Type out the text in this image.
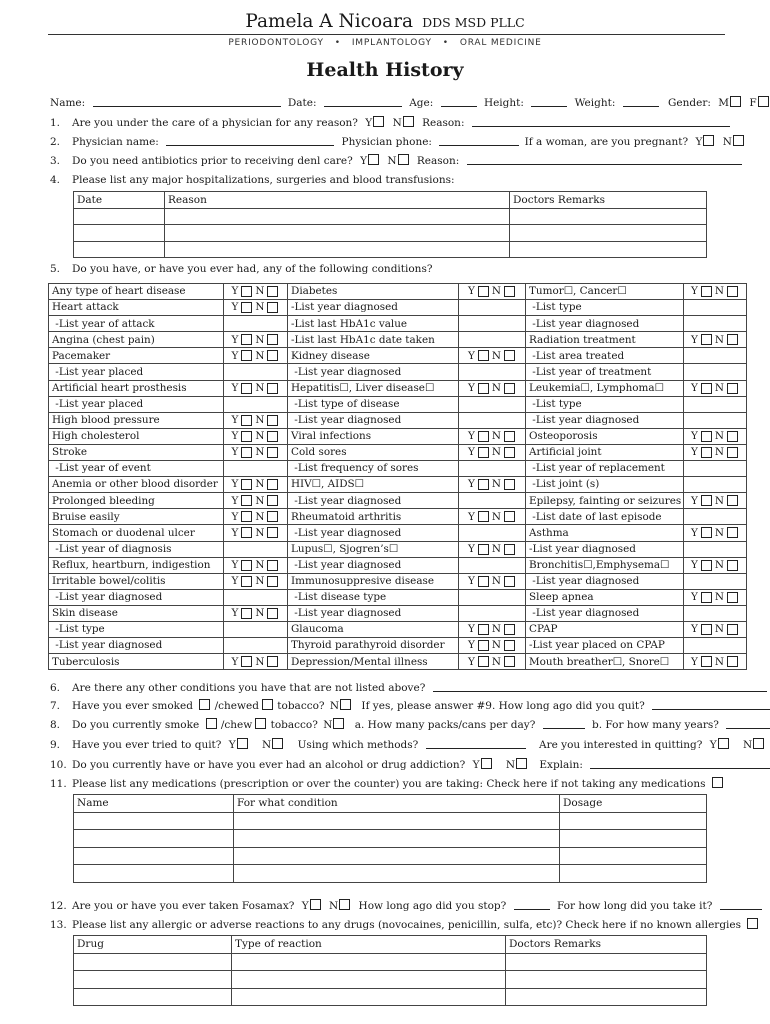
Pamela A Nicoara DDS MSD PLLC
PERIODONTOLOGY   •   IMPLANTOLOGY   •   ORAL MEDICINE
Health History
Name:	Date:	Age:	Height:	Weight:	Gender: M F
1. Are you under the care of a physician for any reason? Y N Reason:
2. Physician name:	Physician phone:	If a woman, are you pregnant? Y N
3. Do you need antibiotics prior to receiving denl care? Y N Reason:
4. Please list any major hospitalizations, surgeries and blood transfusions:
Date	Reason	Doctors Remarks

5. Do you have, or have you ever had, any of the following conditions?
Any type of heart disease	Y N	Diabetes	Y N	Tumor☐, Cancer☐	Y N

Heart attack	Y N	-List year diagnosed		-List type	
-List year of attack		-List last HbA1c value		-List year diagnosed	
Angina (chest pain)	Y N	-List last HbA1c date taken		Radiation treatment	Y N

Pacemaker	Y N	Kidney disease	Y N	-List area treated	
-List year placed		-List year diagnosed		-List year of treatment	
Artificial heart prosthesis	Y N	Hepatitis☐, Liver disease☐	Y N	Leukemia☐, Lymphoma☐	Y N

-List year placed		-List type of disease		-List type	
High blood pressure	Y N	-List year diagnosed		-List year diagnosed	
High cholesterol	Y N	Viral infections	Y N	Osteoporosis	Y N

Stroke	Y N	Cold sores	Y N	Artificial joint	Y N

-List year of event		-List frequency of sores		-List year of replacement	
Anemia or other blood disorder	Y N	HIV☐, AIDS☐	Y N	-List joint (s)	
Prolonged bleeding	Y N	-List year diagnosed		Epilepsy, fainting or seizures	Y N

Bruise easily	Y N	Rheumatoid arthritis	Y N	-List date of last episode	
Stomach or duodenal ulcer	Y N	-List year diagnosed		Asthma	Y N

-List year of diagnosis		Lupus☐, Sjogren’s☐	Y N	-List year diagnosed	
Reflux, heartburn, indigestion	Y N	-List year diagnosed		Bronchitis☐,Emphysema☐	Y N

Irritable bowel/colitis	Y N	Immunosuppresive disease	Y N	-List year diagnosed	
-List year diagnosed		-List disease type		Sleep apnea	Y N

Skin disease	Y N	-List year diagnosed		-List year diagnosed	
-List type		Glaucoma	Y N	CPAP	Y N

-List year diagnosed		Thyroid parathyroid disorder	Y N	-List year placed on CPAP	
Tuberculosis	Y N	Depression/Mental illness	Y N	Mouth breather☐, Snore☐	Y N
6. Are there any other conditions you have that are not listed above?
7. Have you ever smoked /chewed tobacco? N If yes, please answer #9. How long ago did you quit?
8. Do you currently smoke /chew tobacco? N a. How many packs/cans per day?	b. For how many years?
9. Have you ever tried to quit? Y	N	Using which methods?	Are you interested in quitting? Y	N
10. Do you currently have or have you ever had an alcohol or drug addiction? Y	N Explain:
11. Please list any medications (prescription or over the counter) you are taking: Check here if not taking any medications
Name	For what condition	Dosage

12. Are you or have you ever taken Fosamax? Y N How long ago did you stop?	For how long did you take it?
13. Please list any allergic or adverse reactions to any drugs (novocaines, penicillin, sulfa, etc)? Check here if no known allergies
Drug	Type of reaction	Doctors Remarks
